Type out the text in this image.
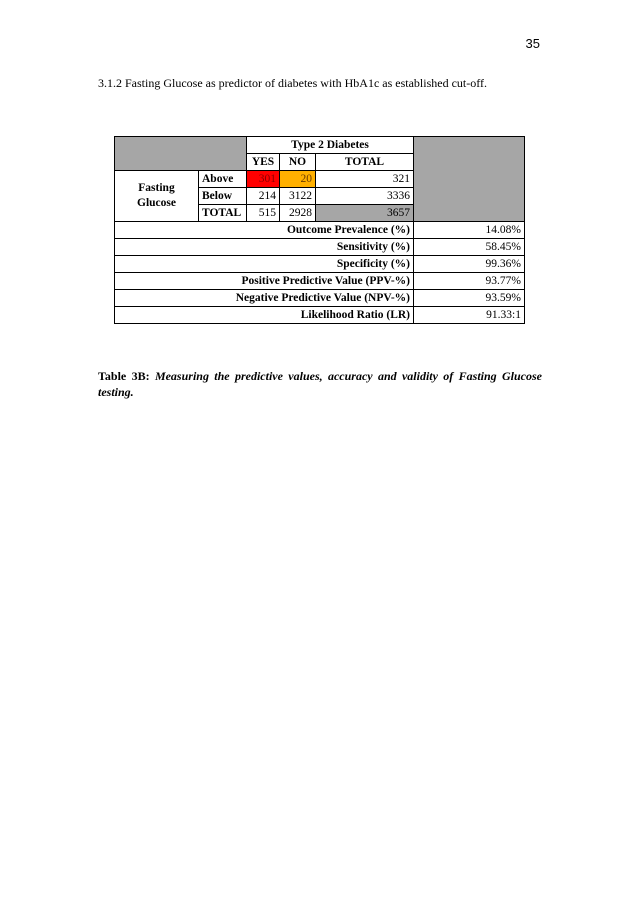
35
3.1.2 Fasting Glucose as predictor of diabetes with HbA1c as established cut-off.
		Type 2 Diabetes			
		YES	NO	TOTAL	
Fasting Glucose	Above	301	20	321	
	Below	214	3122	3336	
	TOTAL	515	2928	3657	
Outcome Prevalence (%)					14.08%
Sensitivity (%)					58.45%
Specificity (%)					99.36%
Positive Predictive Value (PPV-%)					93.77%
Negative Predictive Value (NPV-%)					93.59%
Likelihood Ratio (LR)					91.33:1
Table 3B: Measuring the predictive values, accuracy and validity of Fasting Glucose testing.
